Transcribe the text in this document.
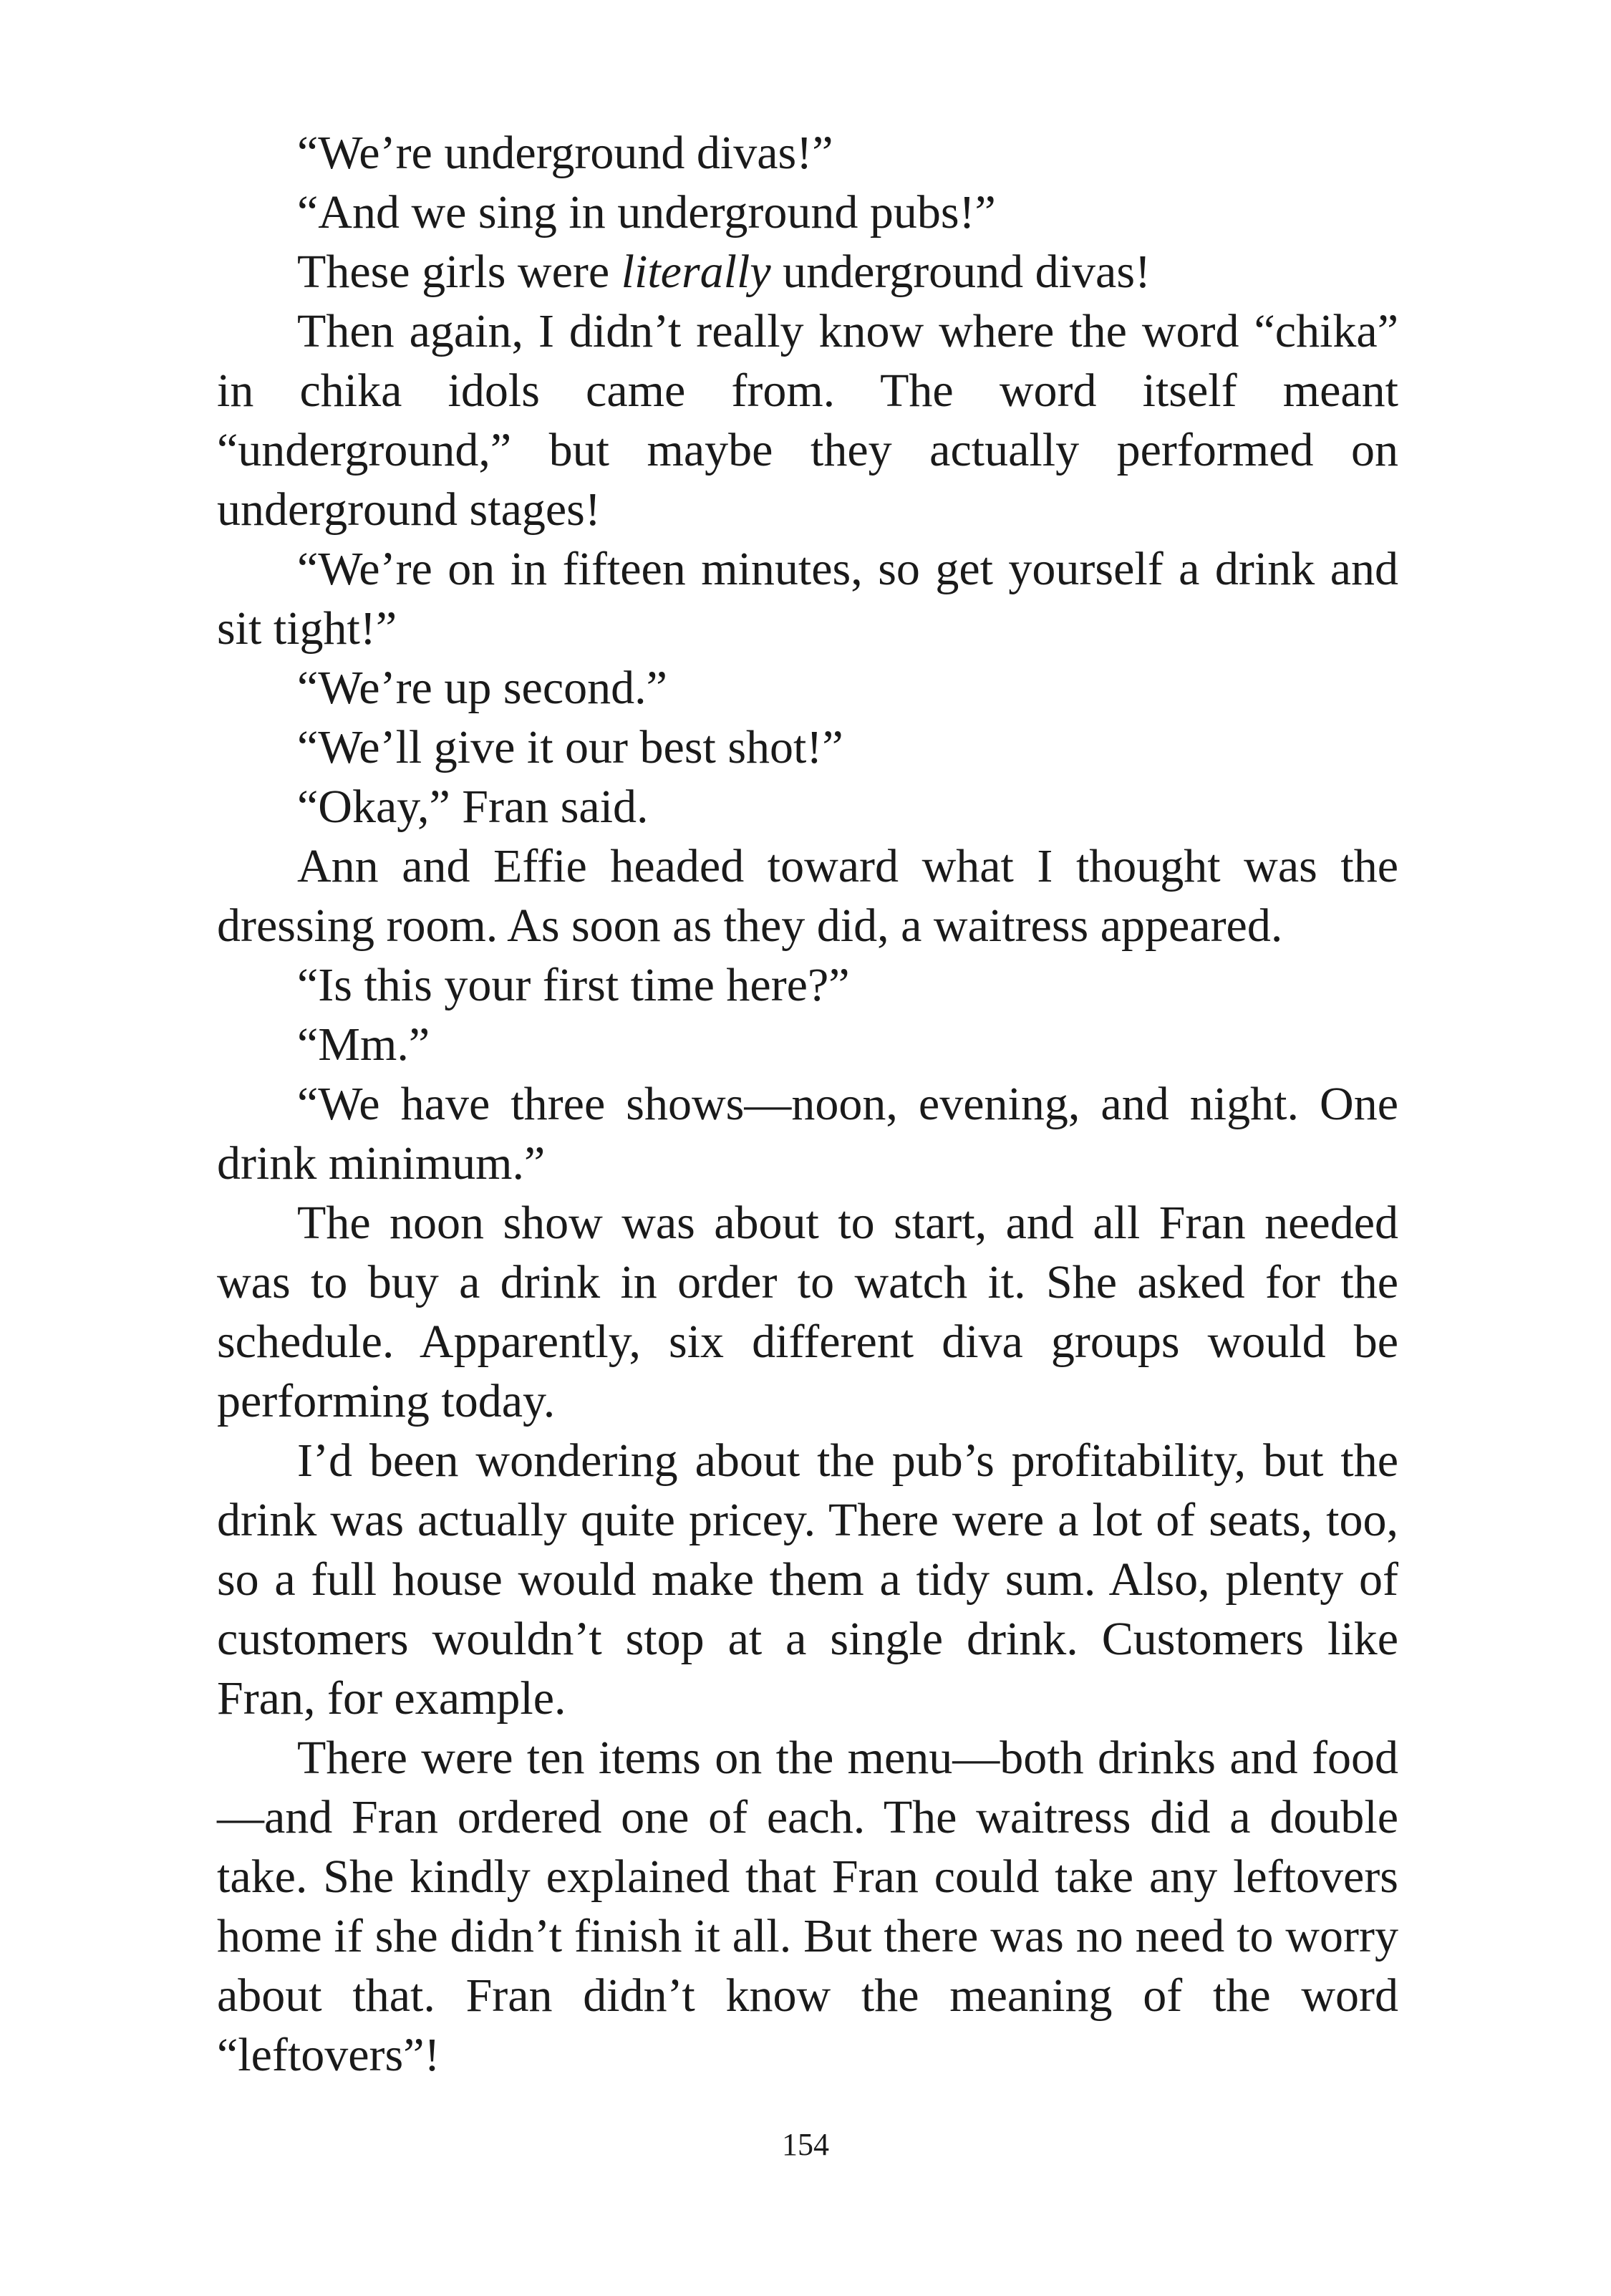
“We’re underground divas!”

“And we sing in underground pubs!”

These girls were literally underground divas!

Then again, I didn’t really know where the word “chika” in chika idols came from. The word itself meant “underground,” but maybe they actually performed on underground stages!

“We’re on in fifteen minutes, so get yourself a drink and sit tight!”

“We’re up second.”

“We’ll give it our best shot!”

“Okay,” Fran said.

Ann and Effie headed toward what I thought was the dressing room. As soon as they did, a waitress appeared.

“Is this your first time here?”

“Mm.”

“We have three shows—noon, evening, and night. One drink minimum.”

The noon show was about to start, and all Fran needed was to buy a drink in order to watch it. She asked for the schedule. Apparently, six different diva groups would be performing today.

I’d been wondering about the pub’s profitability, but the drink was actually quite pricey. There were a lot of seats, too, so a full house would make them a tidy sum. Also, plenty of customers wouldn’t stop at a single drink. Customers like Fran, for example.

There were ten items on the menu—both drinks and food—and Fran ordered one of each. The waitress did a double take. She kindly explained that Fran could take any leftovers home if she didn’t finish it all. But there was no need to worry about that. Fran didn’t know the meaning of the word “leftovers”!

154
